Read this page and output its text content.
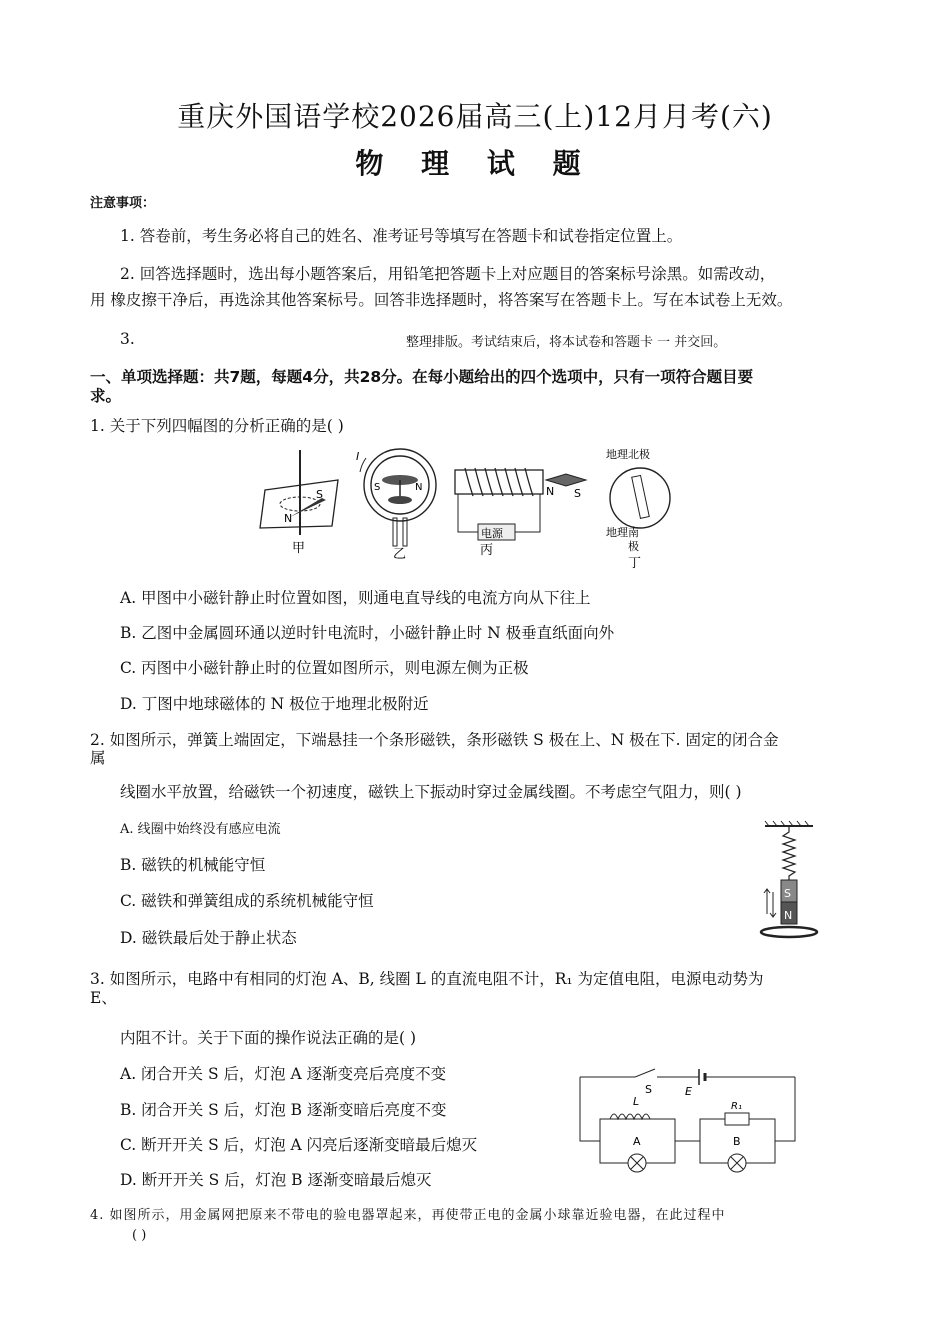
重庆外国语学校2026届高三(上)12月月考(六)
物 理 试 题
注意事项：
1. 答卷前，考生务必将自己的姓名、准考证号等填写在答题卡和试卷指定位置上。
2. 回答选择题时，选出每小题答案后，用铅笔把答题卡上对应题目的答案标号涂黑。如需改动，
用 橡皮擦干净后，再选涂其他答案标号。回答非选择题时，将答案写在答题卡上。写在本试卷上无效。
3.	整理排版。考试结束后，将本试卷和答题卡 一 并交回。
一、单项选择题：共7题，每题4分，共28分。在每小题给出的四个选项中，只有一项符合题目要
求。
1. 关于下列四幅图的分析正确的是( )
S
N
甲
S	N
I
乙
电源
N S
丙
地理北极
地理南
极
丁
A. 甲图中小磁针静止时位置如图，则通电直导线的电流方向从下往上
B. 乙图中金属圆环通以逆时针电流时，小磁针静止时 N 极垂直纸面向外
C. 丙图中小磁针静止时的位置如图所示，则电源左侧为正极
D. 丁图中地球磁体的 N 极位于地理北极附近
2. 如图所示，弹簧上端固定，下端悬挂一个条形磁铁，条形磁铁 S 极在上、N 极在下. 固定的闭合金
属
线圈水平放置，给磁铁一个初速度，磁铁上下振动时穿过金属线圈。不考虑空气阻力，则( )
A. 线圈中始终没有感应电流
B. 磁铁的机械能守恒
C. 磁铁和弹簧组成的系统机械能守恒
D. 磁铁最后处于静止状态
S
N
3. 如图所示，电路中有相同的灯泡 A、B, 线圈 L 的直流电阻不计，R₁ 为定值电阻，电源电动势为
E、
内阻不计。关于下面的操作说法正确的是( )
A. 闭合开关 S 后，灯泡 A 逐渐变亮后亮度不变
B. 闭合开关 S 后，灯泡 B 逐渐变暗后亮度不变
C. 断开开关 S 后，灯泡 A 闪亮后逐渐变暗最后熄灭
D. 断开开关 S 后，灯泡 B 逐渐变暗最后熄灭
S	E
L	R₁
A	B
4. 如图所示，用金属网把原来不带电的验电器罩起来，再使带正电的金属小球靠近验电器，在此过程中
( )
